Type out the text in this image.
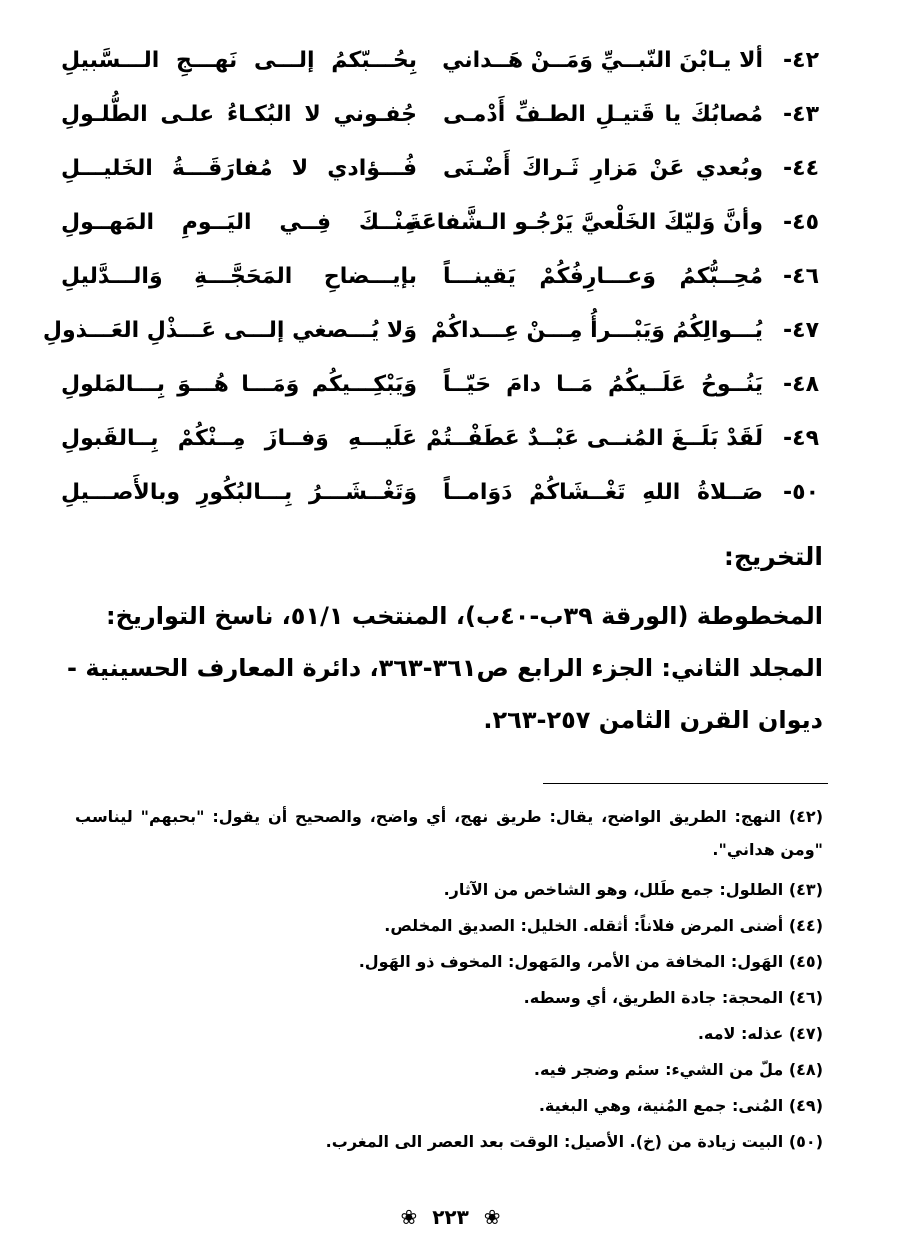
٤٢-
ألا يـابْنَ النّبــيِّ وَمَــنْ هَــداني
بِحُـــبّكمُ إلـــى نَهـــجِ الـــسَّبيلِ
٤٣-
مُصابُكَ يا قَتيـلِ الطـفِّ أَدْمـى
جُفـوني لا البُكـاءُ علـى الطُّلـولِ
٤٤-
وبُعدي عَنْ مَزارِ ثَـراكَ أَضْـنَى
فُـــؤادي لا مُفارَقَـــةُ الخَليـــلِ
٤٥-
وأنَّ وَليّكَ الخَلْعيَّ يَرْجُـو الـشَّفاعَةَ
مِنْــكَ فِــي اليَــومِ المَهــولِ
٤٦-
مُحِــبُّكمُ وَعـــارِفُكُمْ يَقينـــاً
بإيـــضاحِ المَحَجَّـــةِ وَالـــدَّليلِ
٤٧-
يُـــوالِكُمُ وَيَبْـــرأُ مِـــنْ عِـــداكُمْ
وَلا يُـــصغي إلـــى عَـــذْلِ العَـــذولِ
٤٨-
يَنُــوحُ عَلَــيكُمُ مَــا دامَ حَيّــاً
وَيَبْكِـــيكُم وَمَـــا هُـــوَ بِـــالمَلولِ
٤٩-
لَقَدْ بَلَــغَ المُنــى عَبْــدٌ عَطَفْــتُمْ
عَلَيـــهِ وَفــازَ مِــنْكُمْ بِــالقَبولِ
٥٠-
صَــلاةُ اللهِ تَغْــشَاكُمْ دَوَامــاً
وَتَغْــشَـــرُ بِـــالبُكُورِ وبالأَصـــيلِ
التخريج:
المخطوطة (الورقة ٣٩ب-٤٠ب)، المنتخب ٥١/١، ناسخ التواريخ:
المجلد الثاني: الجزء الرابع ص٣٦١-٣٦٣، دائرة المعارف الحسينية -
ديوان القرن الثامن ٢٥٧-٢٦٣.
(٤٢) النهج: الطريق الواضح، يقال: طريق نهج، أي واضح، والصحيح أن يقول: "بحبهم" ليناسب "ومن هداني".
(٤٣) الطلول: جمع طَلل، وهو الشاخص من الآثار.
(٤٤) أضنى المرض فلاناً: أثقله. الخليل: الصديق المخلص.
(٤٥) الهَول: المخافة من الأمر، والمَهول: المخوف ذو الهَول.
(٤٦) المحجة: جادة الطريق، أي وسطه.
(٤٧) عذله: لامه.
(٤٨) ملّ من الشيء: سئم وضجر فيه.
(٤٩) المُنى: جمع المُنية، وهي البغية.
(٥٠) البيت زيادة من (خ). الأصيل: الوقت بعد العصر الى المغرب.
❀ ٢٢٣ ❀
